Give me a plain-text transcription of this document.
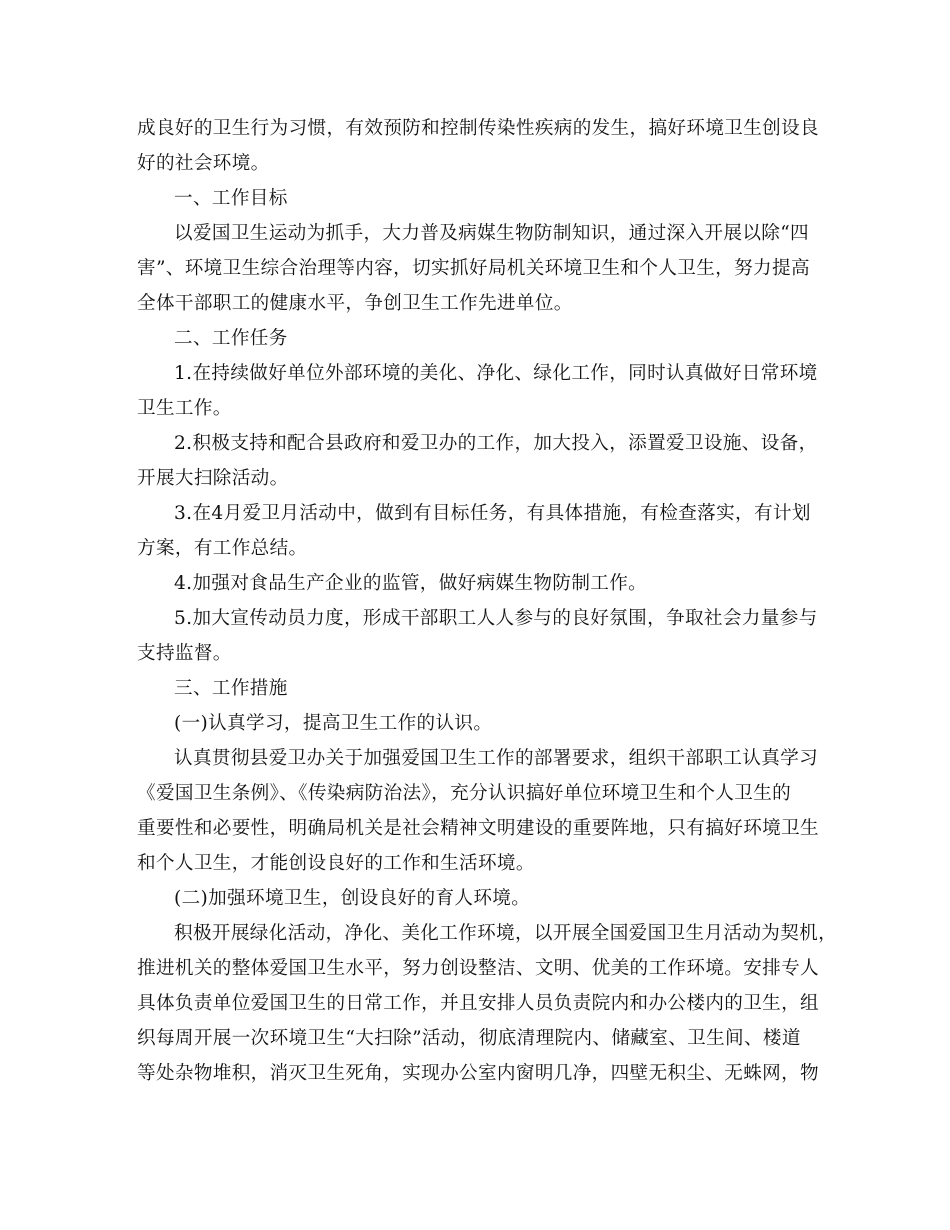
成良好的卫生行为习惯，有效预防和控制传染性疾病的发生，搞好环境卫生创设良
好的社会环境。
一、工作目标
以爱国卫生运动为抓手，大力普及病媒生物防制知识，通过深入开展以除“四
害”、环境卫生综合治理等内容，切实抓好局机关环境卫生和个人卫生，努力提高
全体干部职工的健康水平，争创卫生工作先进单位。
二、工作任务
1.在持续做好单位外部环境的美化、净化、绿化工作，同时认真做好日常环境
卫生工作。
2.积极支持和配合县政府和爱卫办的工作，加大投入，添置爱卫设施、设备，
开展大扫除活动。
3.在4月爱卫月活动中，做到有目标任务，有具体措施，有检查落实，有计划
方案，有工作总结。
4.加强对食品生产企业的监管，做好病媒生物防制工作。
5.加大宣传动员力度，形成干部职工人人参与的良好氛围，争取社会力量参与
支持监督。
三、工作措施
(一)认真学习，提高卫生工作的认识。
认真贯彻县爱卫办关于加强爱国卫生工作的部署要求，组织干部职工认真学习
《爱国卫生条例》、《传染病防治法》，充分认识搞好单位环境卫生和个人卫生的
重要性和必要性，明确局机关是社会精神文明建设的重要阵地，只有搞好环境卫生
和个人卫生，才能创设良好的工作和生活环境。
(二)加强环境卫生，创设良好的育人环境。
积极开展绿化活动，净化、美化工作环境，以开展全国爱国卫生月活动为契机，
推进机关的整体爱国卫生水平，努力创设整洁、文明、优美的工作环境。安排专人
具体负责单位爱国卫生的日常工作，并且安排人员负责院内和办公楼内的卫生，组
织每周开展一次环境卫生“大扫除”活动，彻底清理院内、储藏室、卫生间、楼道
等处杂物堆积，消灭卫生死角，实现办公室内窗明几净，四壁无积尘、无蛛网，物
